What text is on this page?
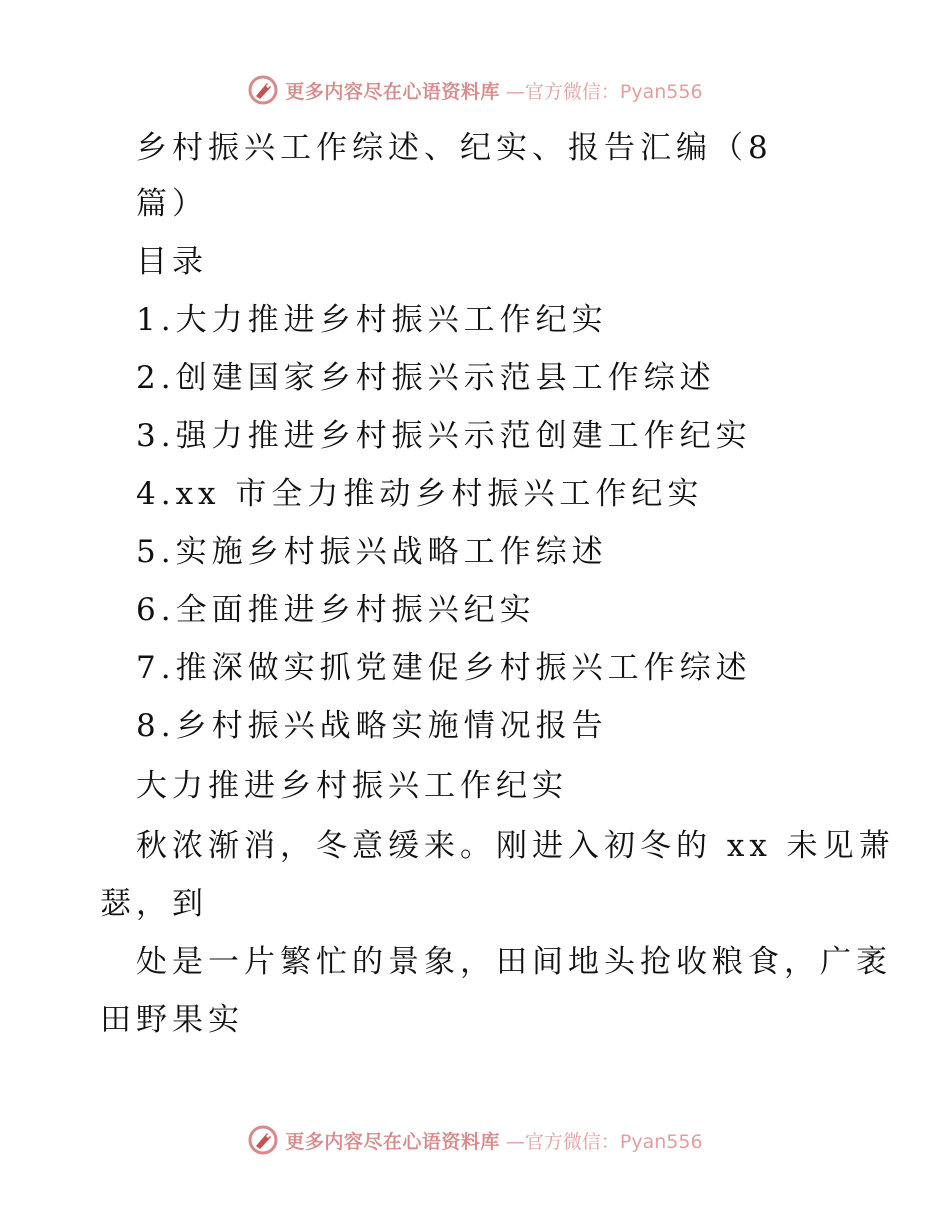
更多内容尽在心语资料库 —官方微信：Pyan556
乡村振兴工作综述、纪实、报告汇编（8
篇）
目录
1.大力推进乡村振兴工作纪实
2.创建国家乡村振兴示范县工作综述
3.强力推进乡村振兴示范创建工作纪实
4.xx 市全力推动乡村振兴工作纪实
5.实施乡村振兴战略工作综述
6.全面推进乡村振兴纪实
7.推深做实抓党建促乡村振兴工作综述
8.乡村振兴战略实施情况报告
大力推进乡村振兴工作纪实
秋浓渐消，冬意缓来。刚进入初冬的 xx 未见萧
瑟，到
处是一片繁忙的景象，田间地头抢收粮食，广袤
田野果实
更多内容尽在心语资料库 —官方微信：Pyan556
